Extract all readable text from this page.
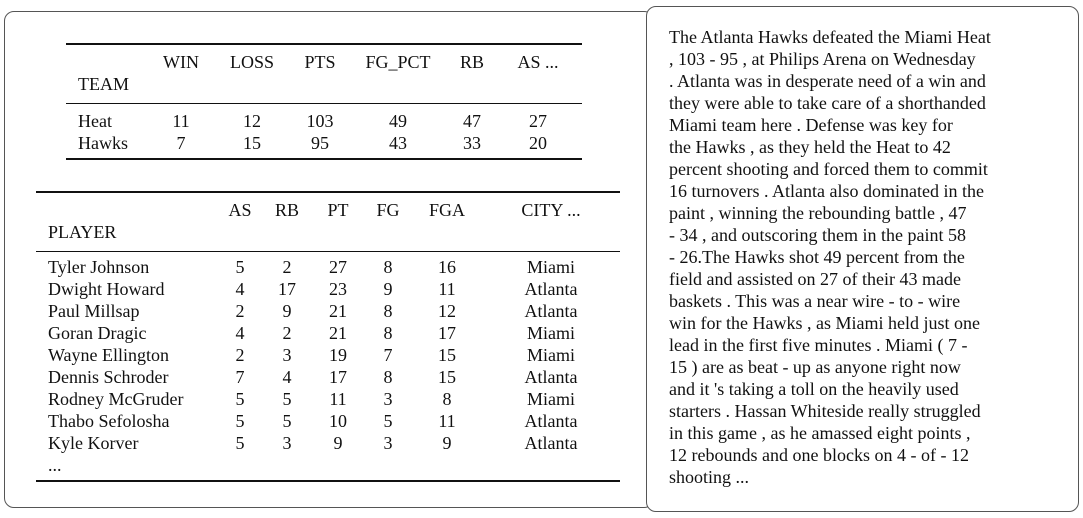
	WIN	LOSS	PTS	FG_PCT	RB	AS ...
TEAM						
Heat	11	12	103	49	47	27
Hawks	7	15	95	43	33	20
	AS	RB	PT	FG	FGA	CITY ...
PLAYER						
Tyler Johnson	5	2	27	8	16	Miami
Dwight Howard	4	17	23	9	11	Atlanta
Paul Millsap	2	9	21	8	12	Atlanta
Goran Dragic	4	2	21	8	17	Miami
Wayne Ellington	2	3	19	7	15	Miami
Dennis Schroder	7	4	17	8	15	Atlanta
Rodney McGruder	5	5	11	3	8	Miami
Thabo Sefolosha	5	5	10	5	11	Atlanta
Kyle Korver	5	3	9	3	9	Atlanta
...						
The Atlanta Hawks defeated the Miami Heat
, 103 - 95 , at Philips Arena on Wednesday
. Atlanta was in desperate need of a win and
they were able to take care of a shorthanded
Miami team here . Defense was key for
the Hawks , as they held the Heat to 42
percent shooting and forced them to commit
16 turnovers . Atlanta also dominated in the
paint , winning the rebounding battle , 47
- 34 , and outscoring them in the paint 58
- 26.The Hawks shot 49 percent from the
field and assisted on 27 of their 43 made
baskets . This was a near wire - to - wire
win for the Hawks , as Miami held just one
lead in the first five minutes . Miami ( 7 -
15 ) are as beat - up as anyone right now
and it 's taking a toll on the heavily used
starters . Hassan Whiteside really struggled
in this game , as he amassed eight points ,
12 rebounds and one blocks on 4 - of - 12
shooting ...
